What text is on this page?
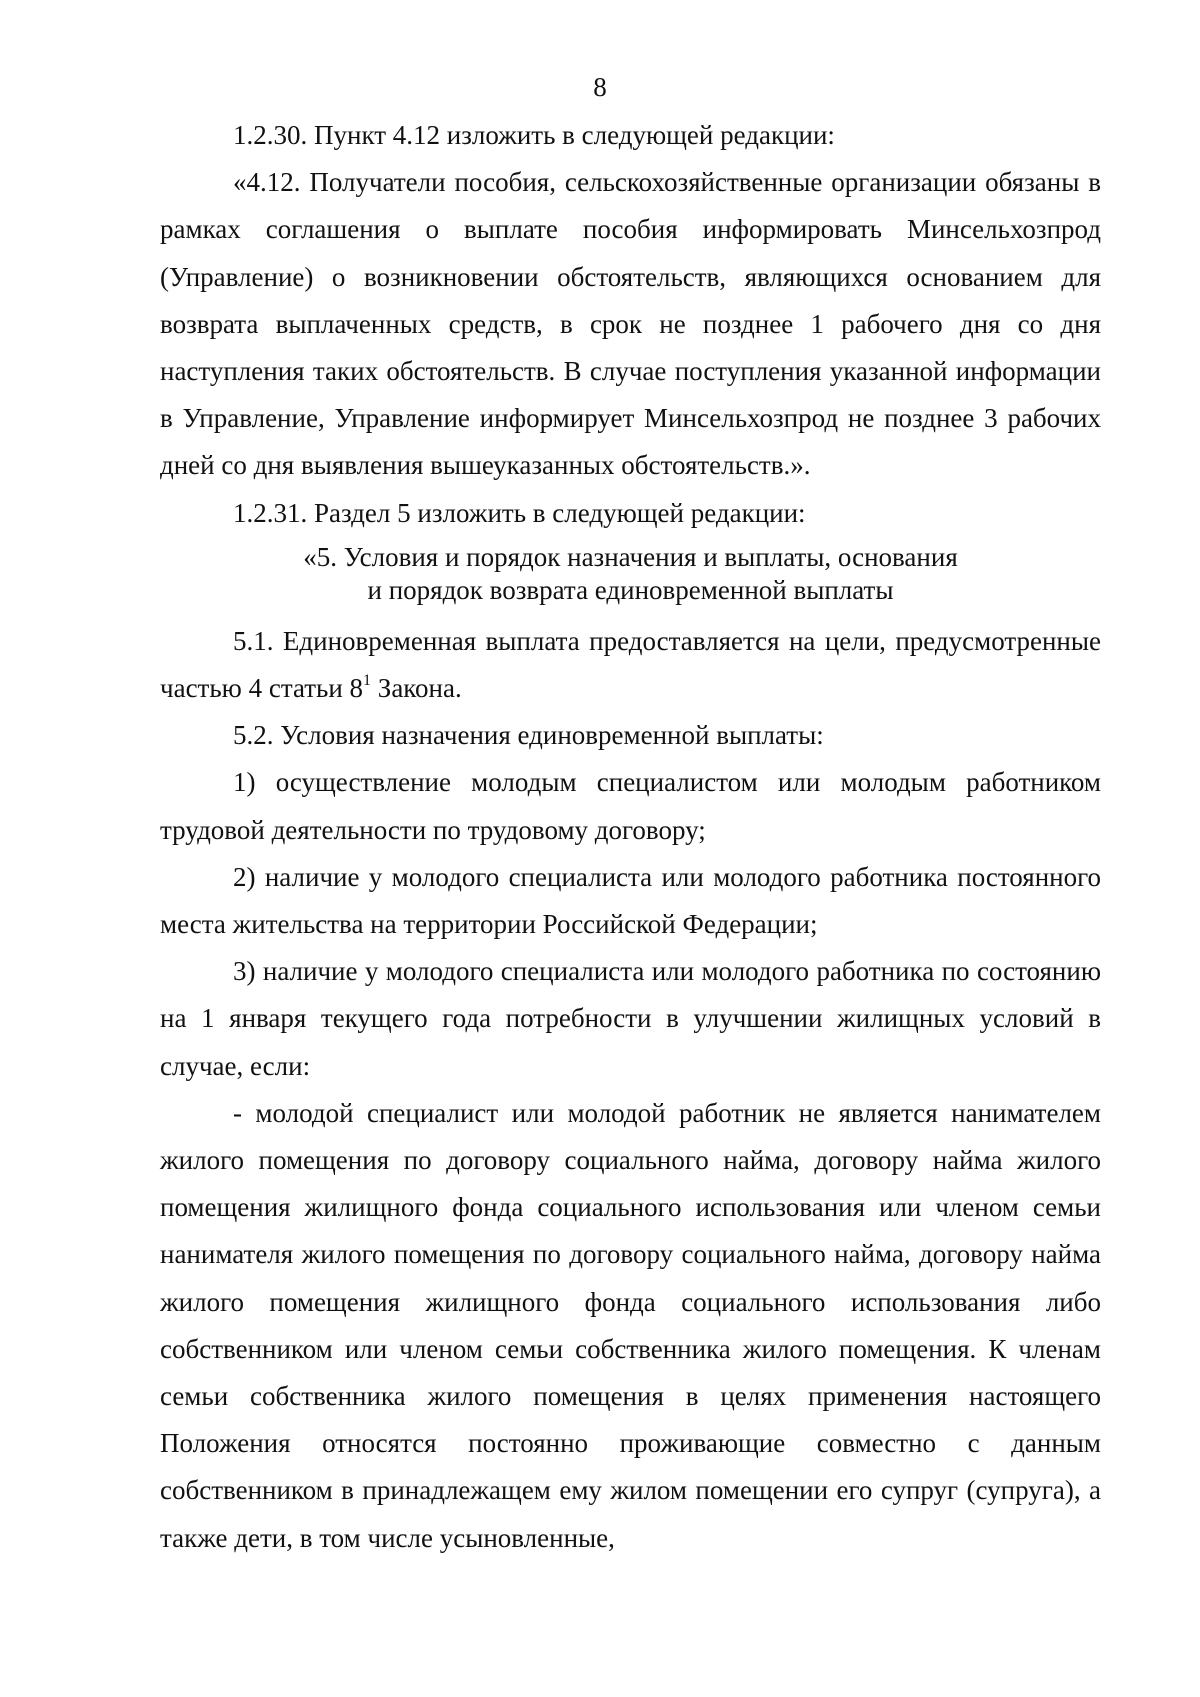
8

1.2.30. Пункт 4.12 изложить в следующей редакции:

«4.12. Получатели пособия, сельскохозяйственные организации обязаны в рамках соглашения о выплате пособия информировать Минсельхозпрод (Управление) о возникновении обстоятельств, являющихся основанием для возврата выплаченных средств, в срок не позднее 1 рабочего дня со дня наступления таких обстоятельств. В случае поступления указанной информации в Управление, Управление информирует Минсельхозпрод не позднее 3 рабочих дней со дня выявления вышеуказанных обстоятельств.».

1.2.31. Раздел 5 изложить в следующей редакции:

«5. Условия и порядок назначения и выплаты, основания
и порядок возврата единовременной выплаты

5.1. Единовременная выплата предоставляется на цели, предусмотренные частью 4 статьи $8^1$ Закона.

5.2. Условия назначения единовременной выплаты:

1) осуществление молодым специалистом или молодым работником трудовой деятельности по трудовому договору;

2) наличие у молодого специалиста или молодого работника постоянного места жительства на территории Российской Федерации;

3) наличие у молодого специалиста или молодого работника по состоянию на 1 января текущего года потребности в улучшении жилищных условий в случае, если:

- молодой специалист или молодой работник не является нанимателем жилого помещения по договору социального найма, договору найма жилого помещения жилищного фонда социального использования или членом семьи нанимателя жилого помещения по договору социального найма, договору найма жилого помещения жилищного фонда социального использования либо собственником или членом семьи собственника жилого помещения. К членам семьи собственника жилого помещения в целях применения настоящего Положения относятся постоянно проживающие совместно с данным собственником в принадлежащем ему жилом помещении его супруг (супруга), а также дети, в том числе усыновленные,
